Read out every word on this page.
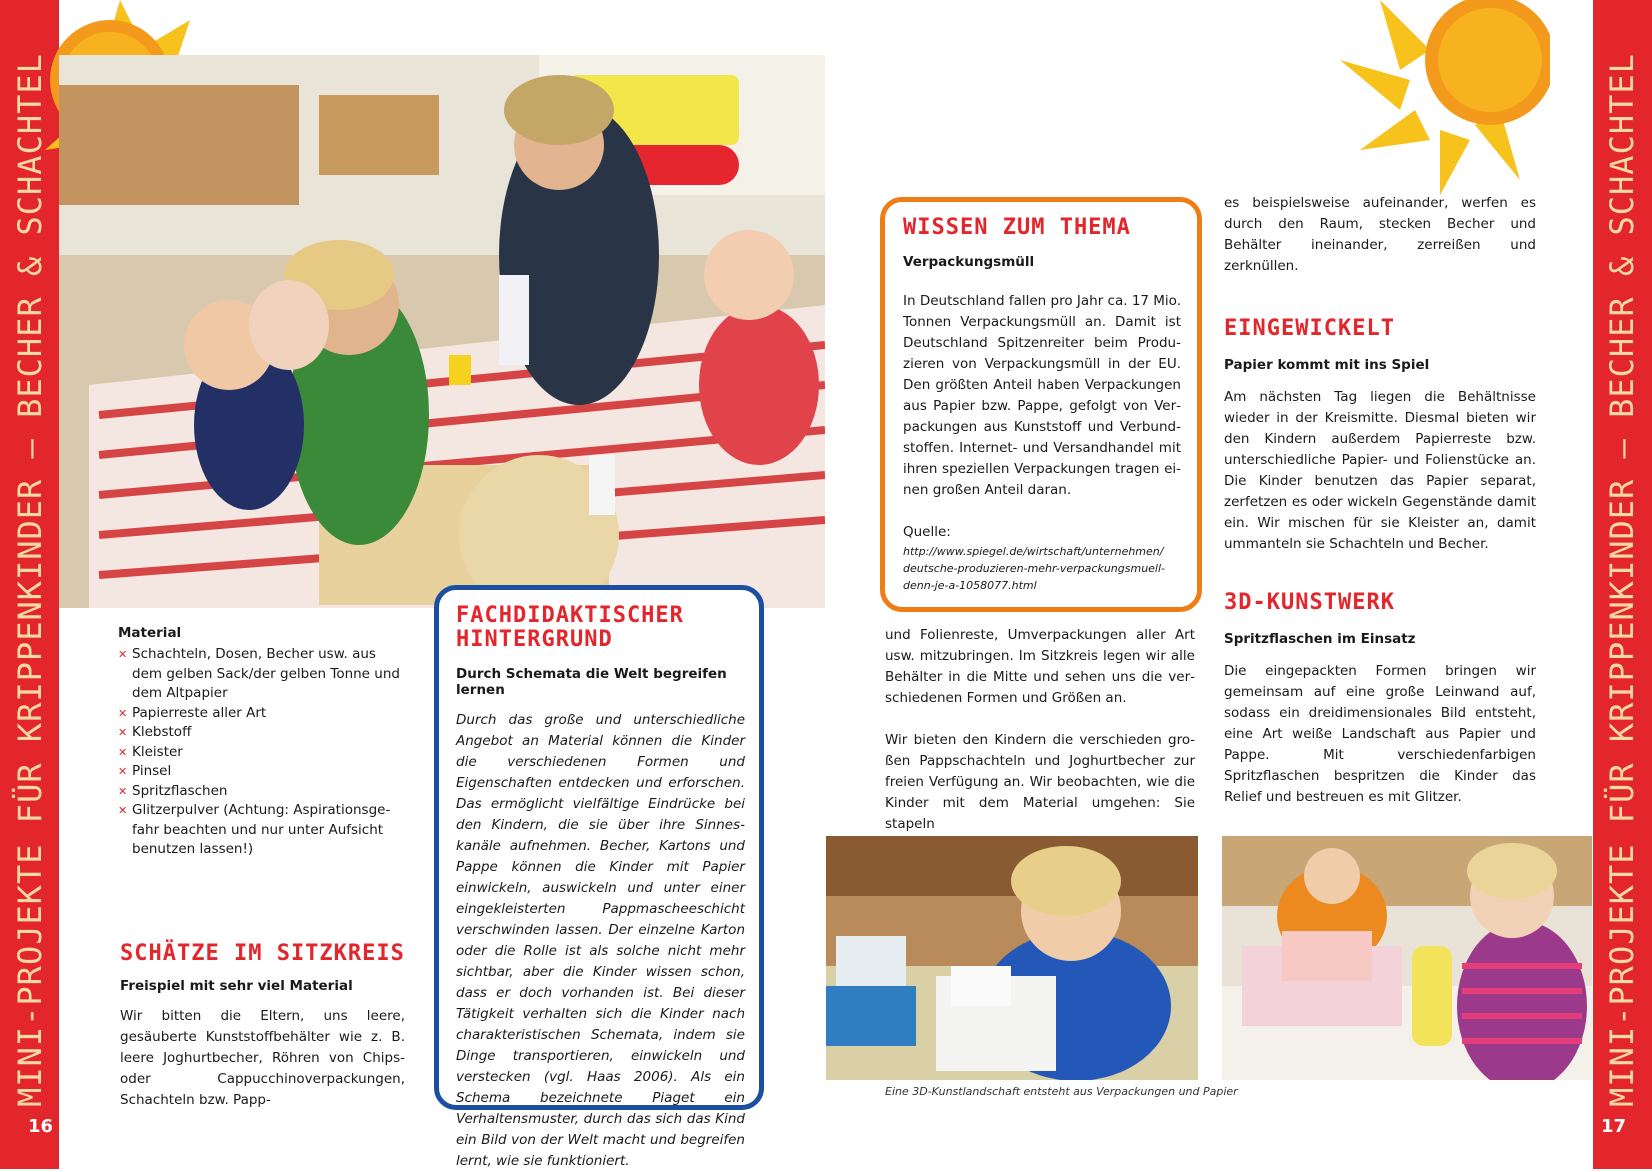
MINI-PROJEKTE FÜR KRIPPENKINDER – BECHER & SCHACHTEL	MINI-PROJEKTE FÜR KRIPPENKINDER – BECHER & SCHACHTEL
16	17

Material

✕ Schachteln, Dosen, Becher usw. aus dem gelben Sack/der gelben Tonne und dem Altpapier
✕ Papierreste aller Art
✕ Klebstoff
✕ Kleister
✕ Pinsel
✕ Spritzflaschen
✕ Glitzerpulver (Achtung: Aspirationsgefahr beachten und nur unter Aufsicht benutzen lassen!)
SCHÄTZE IM SITZKREIS

Freispiel mit sehr viel Material

Wir bitten die Eltern, uns leere, gesäuberte Kunststoffbehälter wie z. B. leere Joghurtbecher, Röhren von Chips- oder Cappucchinoverpackungen, Schachteln bzw. Papp-

FACHDIDAKTISCHER HINTERGRUND

Durch Schemata die Welt begreifen lernen

Durch das große und unterschiedliche Angebot an Material können die Kinder die verschiedenen Formen und Eigenschaften entdecken und erforschen. Das ermöglicht vielfältige Eindrücke bei den Kindern, die sie über ihre Sinneskanäle aufnehmen. Becher, Kartons und Pappe können die Kinder mit Papier einwickeln, auswickeln und unter einer eingekleisterten Pappmascheeschicht verschwinden lassen. Der einzelne Karton oder die Rolle ist als solche nicht mehr sichtbar, aber die Kinder wissen schon, dass er doch vorhanden ist. Bei dieser Tätigkeit verhalten sich die Kinder nach charakteristischen Schemata, indem sie Dinge transportieren, einwickeln und verstecken (vgl. Haas 2006). Als ein Schema bezeichnete Piaget ein Verhaltensmuster, durch das sich das Kind ein Bild von der Welt macht und begreifen lernt, wie sie funktioniert.

WISSEN ZUM THEMA

Verpackungsmüll

In Deutschland fallen pro Jahr ca. 17 Mio. Tonnen Verpackungsmüll an. Damit ist Deutschland Spitzenreiter beim Produzieren von Verpackungsmüll in der EU. Den größten Anteil haben Verpackungen aus Papier bzw. Pappe, gefolgt von Verpackungen aus Kunststoff und Verbundstoffen. Internet- und Versandhandel mit ihren speziellen Verpackungen tragen einen großen Anteil daran.

Quelle:

http://www.spiegel.de/wirtschaft/unternehmen/ deutsche-produzieren-mehr-verpackungsmuell-denn-je-a-1058077.html

und Folienreste, Umverpackungen aller Art usw. mitzubringen. Im Sitzkreis legen wir alle Behälter in die Mitte und sehen uns die verschiedenen Formen und Größen an.

Wir bieten den Kindern die verschieden großen Pappschachteln und Joghurtbecher zur freien Verfügung an. Wir beobachten, wie die Kinder mit dem Material umgehen: Sie stapeln

es beispielsweise aufeinander, werfen es durch den Raum, stecken Becher und Behälter ineinander, zerreißen und zerknüllen.

EINGEWICKELT

Papier kommt mit ins Spiel

Am nächsten Tag liegen die Behältnisse wieder in der Kreismitte. Diesmal bieten wir den Kindern außerdem Papierreste bzw. unterschiedliche Papier- und Folienstücke an. Die Kinder benutzen das Papier separat, zerfetzen es oder wickeln Gegenstände damit ein. Wir mischen für sie Kleister an, damit ummanteln sie Schachteln und Becher.

3D-KUNSTWERK

Spritzflaschen im Einsatz

Die eingepackten Formen bringen wir gemeinsam auf eine große Leinwand auf, sodass ein dreidimensionales Bild entsteht, eine Art weiße Landschaft aus Papier und Pappe. Mit verschiedenfarbigen Spritzflaschen bespritzen die Kinder das Relief und bestreuen es mit Glitzer.

Eine 3D-Kunstlandschaft entsteht aus Verpackungen und Papier
